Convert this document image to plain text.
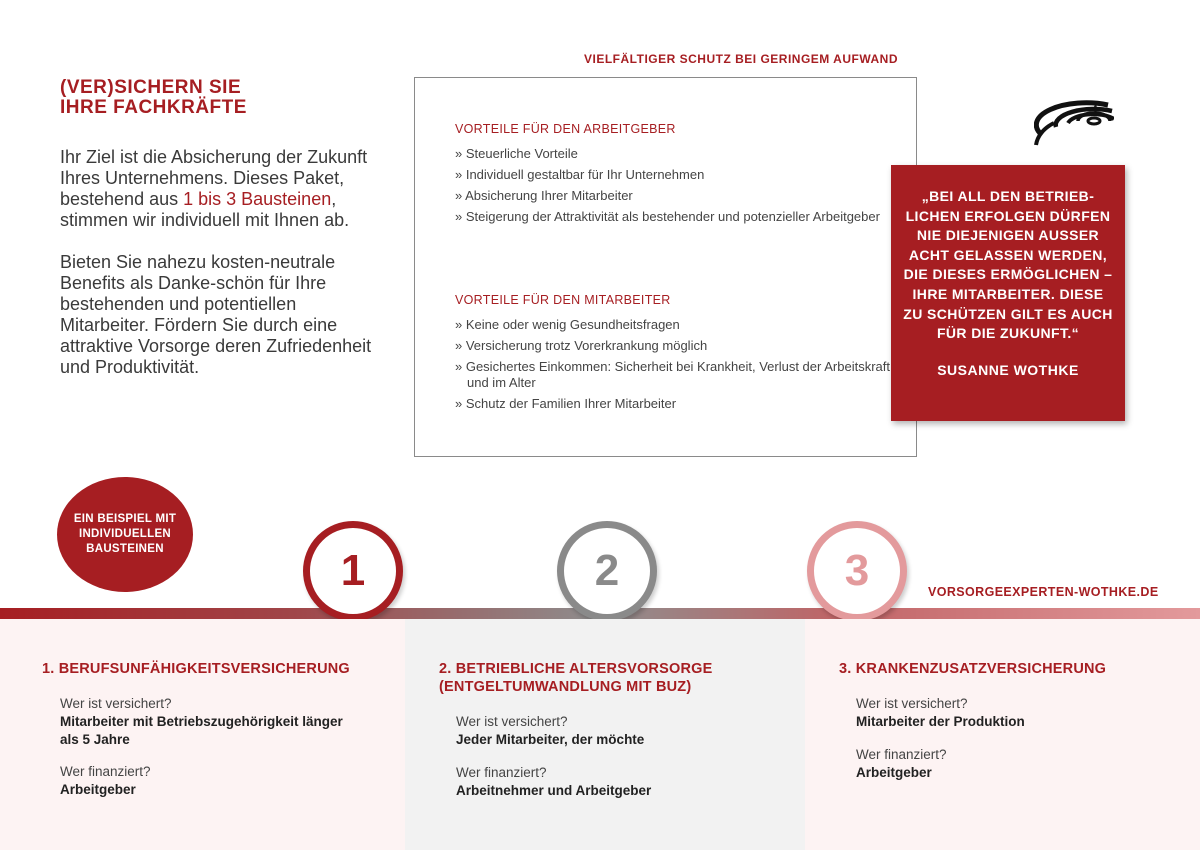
(VER)SICHERN SIE
IHRE FACHKRÄFTE

Ihr Ziel ist die Absicherung der Zukunft Ihres Unternehmens. Dieses Paket, bestehend aus 1 bis 3 Bausteinen, stimmen wir individuell mit Ihnen ab.

Bieten Sie nahezu kosten-neutrale Benefits als Danke-schön für Ihre bestehenden und potentiellen Mitarbeiter. Fördern Sie durch eine attraktive Vorsorge deren Zufriedenheit und Produktivität.

VIELFÄLTIGER SCHUTZ BEI GERINGEM AUFWAND
VORTEILE FÜR DEN ARBEITGEBER
» Steuerliche Vorteile
» Individuell gestaltbar für Ihr Unternehmen
» Absicherung Ihrer Mitarbeiter
» Steigerung der Attraktivität als bestehender und potenzieller Arbeitgeber
VORTEILE FÜR DEN MITARBEITER
» Keine oder wenig Gesundheitsfragen
» Versicherung trotz Vorerkrankung möglich
» Gesichertes Einkommen: Sicherheit bei Krankheit, Verlust der Arbeitskraft und im Alter
» Schutz der Familien Ihrer Mitarbeiter
„BEI ALL DEN BETRIEB-LICHEN ERFOLGEN DÜRFEN NIE DIEJENIGEN AUSSER ACHT GELASSEN WERDEN, DIE DIESES ERMÖGLICHEN – IHRE MITARBEITER. DIESE ZU SCHÜTZEN GILT ES AUCH FÜR DIE ZUKUNFT.“
SUSANNE WOTHKE
EIN BEISPIEL MIT INDIVIDUELLEN BAUSTEINEN	1	2	3	VORSORGEEXPERTEN-WOTHKE.DE
1. BERUFSUNFÄHIGKEITSVERSICHERUNG
Wer ist versichert?
Mitarbeiter mit Betriebszugehörigkeit länger als 5 Jahre
Wer finanziert?
Arbeitgeber
2. BETRIEBLICHE ALTERSVORSORGE (ENTGELTUMWANDLUNG MIT BUZ)
Wer ist versichert?
Jeder Mitarbeiter, der möchte
Wer finanziert?
Arbeitnehmer und Arbeitgeber
3. KRANKENZUSATZVERSICHERUNG
Wer ist versichert?
Mitarbeiter der Produktion
Wer finanziert?
Arbeitgeber
